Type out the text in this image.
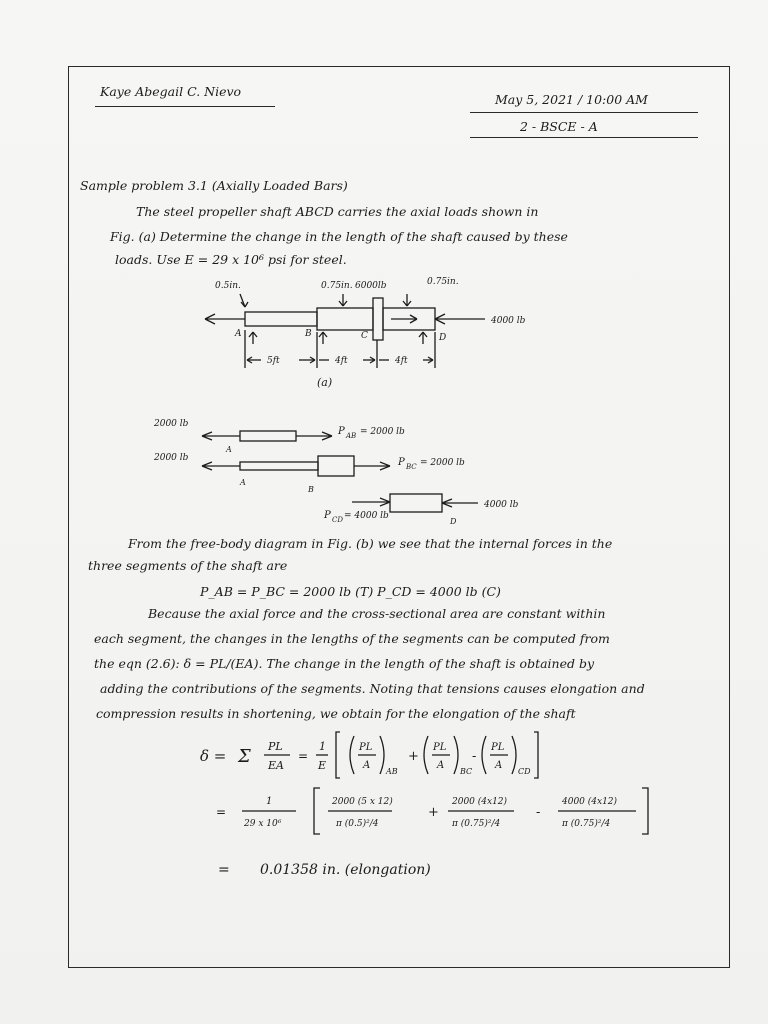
Kaye Abegail C. Nievo
May 5, 2021 / 10:00 AM
2 - BSCE - A
Sample problem 3.1 (Axially Loaded Bars)
The steel propeller shaft ABCD carries the axial loads shown in
Fig. (a) Determine the change in the length of the shaft caused by these
loads. Use E = 29 x 10⁶ psi for steel.
0.5in.	0.75in. 6000lb	0.75in.
4000 lb
A	B	C	D
5ft	4ft	4ft
(a)
2000 lb
A
P AB = 2000 lb
2000 lb
A
B
P BC = 2000 lb
P CD = 4000 lb
4000 lb
D
From the free-body diagram in Fig. (b) we see that the internal forces in the
three segments of the shaft are
P_AB = P_BC = 2000 lb (T) P_CD = 4000 lb (C)
Because the axial force and the cross-sectional area are constant within
each segment, the changes in the lengths of the segments can be computed from
the eqn (2.6): δ = PL/(EA). The change in the length of the shaft is obtained by
adding the contributions of the segments. Noting that tensions causes elongation and
compression results in shortening, we obtain for the elongation of the shaft
δ = Σ PL
EA
=
1
E
PL
A
AB
+
PL
A
BC
-
PL
A
CD
=
1
29 x 10⁶
2000 (5 x 12)
π (0.5)²/4
+
2000 (4x12)
π (0.75)²/4
-
4000 (4x12)
π (0.75)²/4
= 0.01358 in. (elongation)
